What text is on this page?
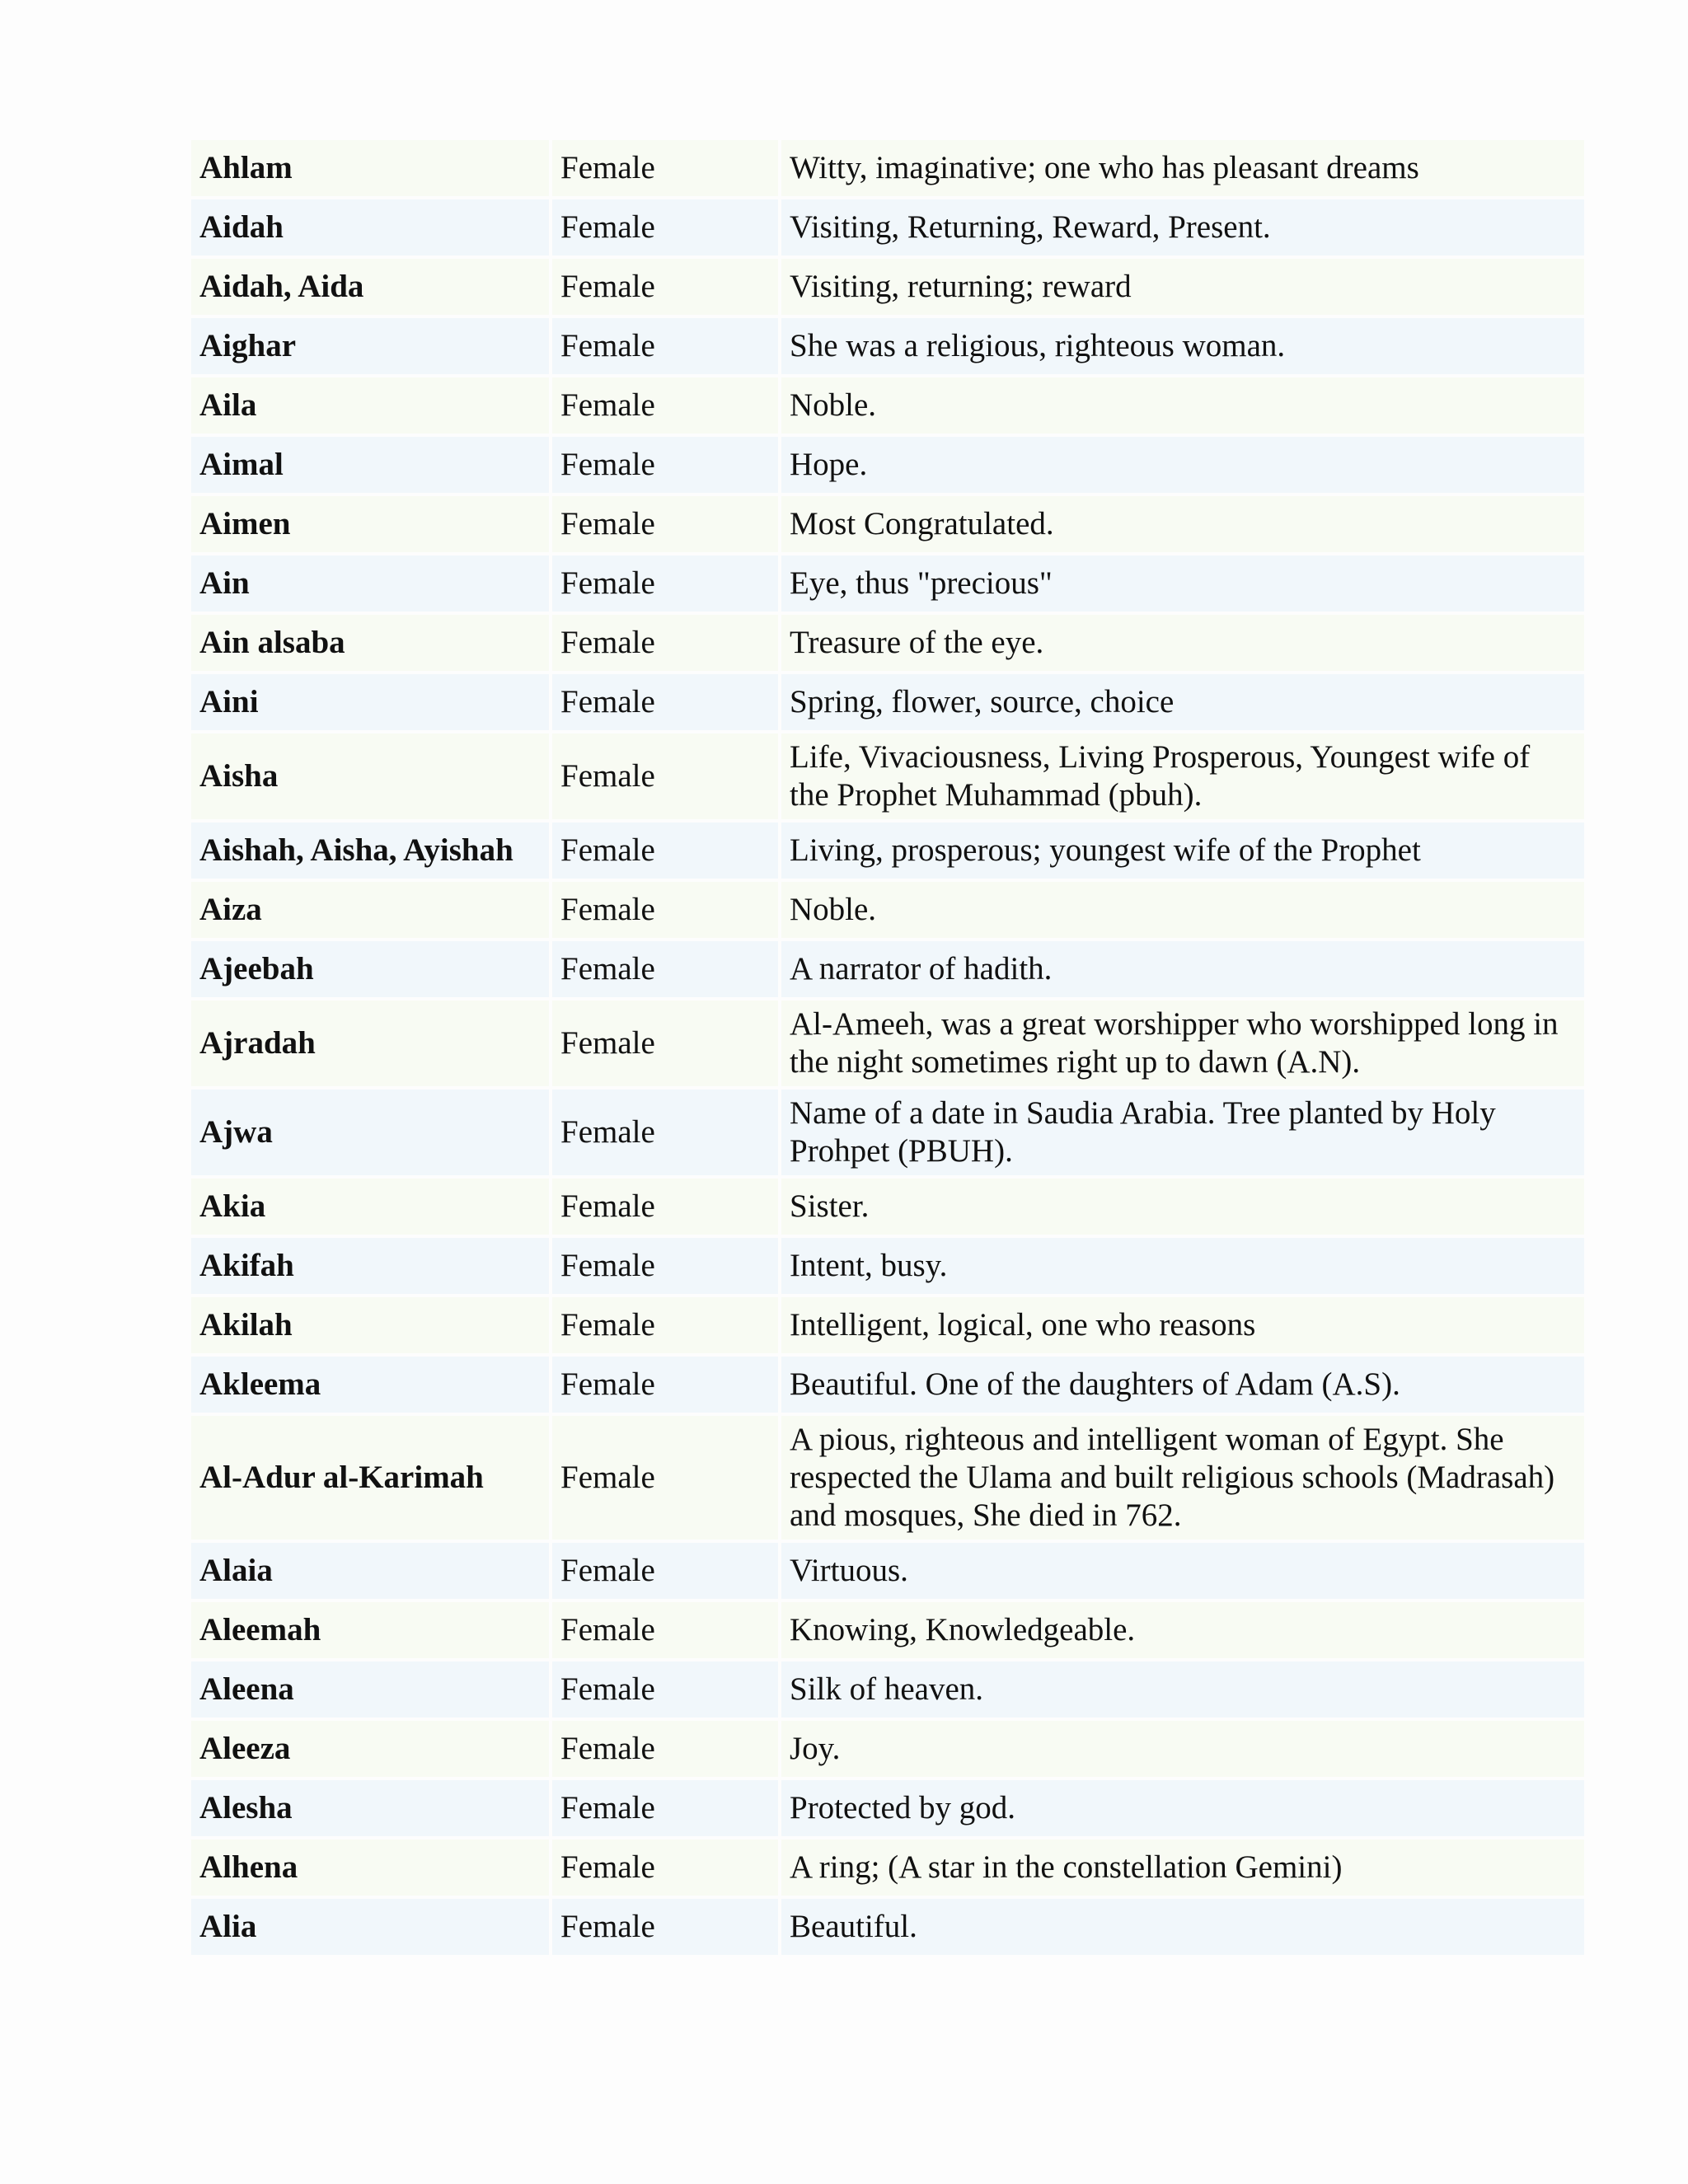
Ahlam	Female	Witty, imaginative; one who has pleasant dreams
Aidah	Female	Visiting, Returning, Reward, Present.
Aidah, Aida	Female	Visiting, returning; reward
Aighar	Female	She was a religious, righteous woman.
Aila	Female	Noble.
Aimal	Female	Hope.
Aimen	Female	Most Congratulated.
Ain	Female	Eye, thus "precious"
Ain alsaba	Female	Treasure of the eye.
Aini	Female	Spring, flower, source, choice
Aisha	Female	Life, Vivaciousness, Living Prosperous, Youngest wife of the Prophet Muhammad (pbuh).
Aishah, Aisha, Ayishah	Female	Living, prosperous; youngest wife of the Prophet
Aiza	Female	Noble.
Ajeebah	Female	A narrator of hadith.
Ajradah	Female	Al-Ameeh, was a great worshipper who worshipped long in the night sometimes right up to dawn (A.N).
Ajwa	Female	Name of a date in Saudia Arabia. Tree planted by Holy Prohpet (PBUH).
Akia	Female	Sister.
Akifah	Female	Intent, busy.
Akilah	Female	Intelligent, logical, one who reasons
Akleema	Female	Beautiful. One of the daughters of Adam (A.S).
Al-Adur al-Karimah	Female	A pious, righteous and intelligent woman of Egypt. She respected the Ulama and built religious schools (Madrasah) and mosques, She died in 762.
Alaia	Female	Virtuous.
Aleemah	Female	Knowing, Knowledgeable.
Aleena	Female	Silk of heaven.
Aleeza	Female	Joy.
Alesha	Female	Protected by god.
Alhena	Female	A ring; (A star in the constellation Gemini)
Alia	Female	Beautiful.
